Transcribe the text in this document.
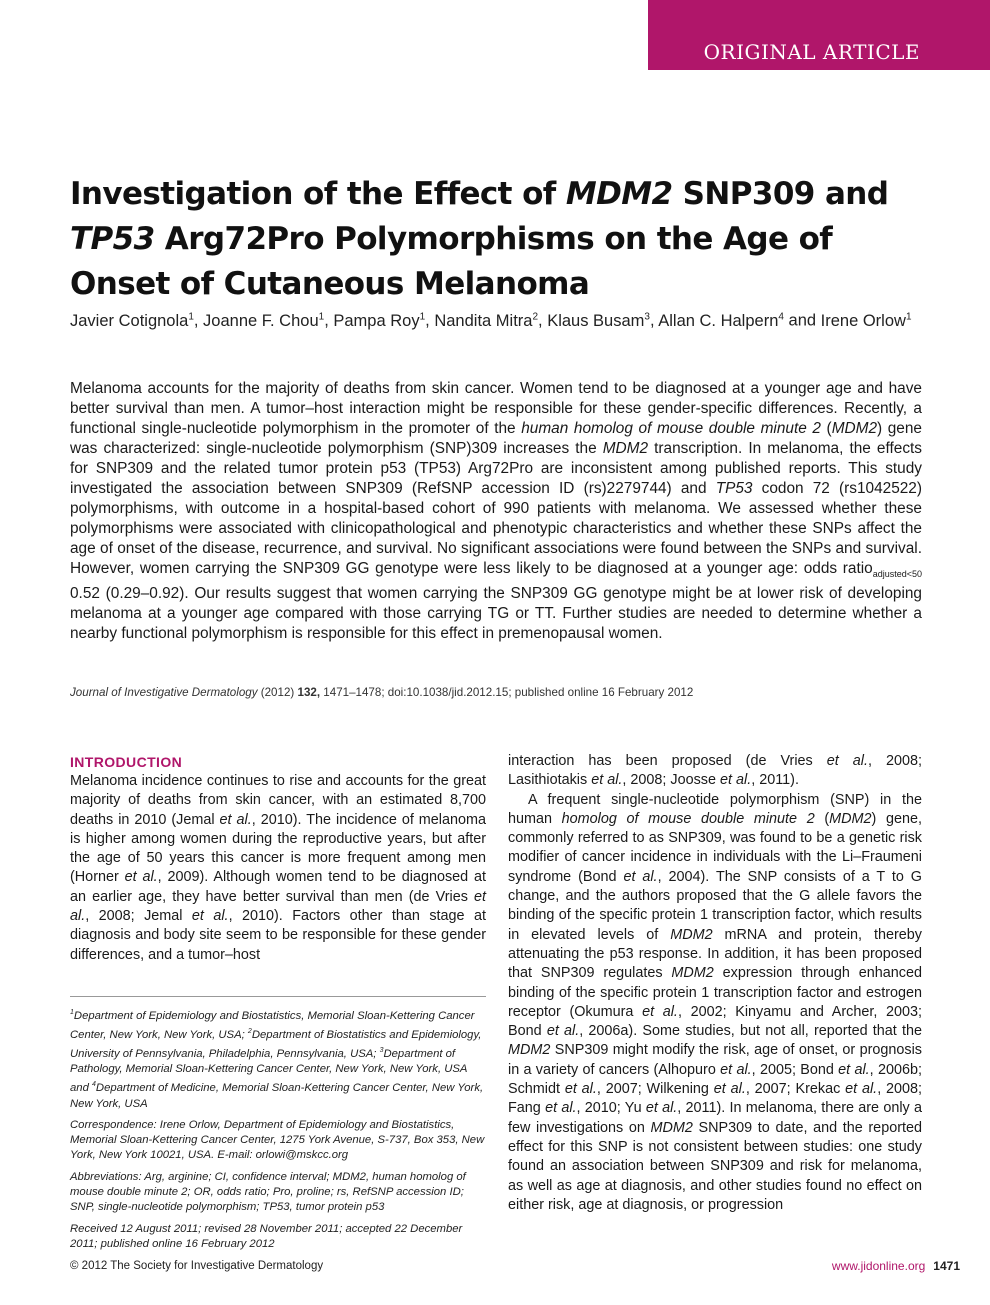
ORIGINAL ARTICLE
Investigation of the Effect of MDM2 SNP309 and TP53 Arg72Pro Polymorphisms on the Age of Onset of Cutaneous Melanoma
Javier Cotignola$^1$, Joanne F. Chou$^1$, Pampa Roy$^1$, Nandita Mitra$^2$, Klaus Busam$^3$, Allan C. Halpern$^4$ and Irene Orlow$^1$

Melanoma accounts for the majority of deaths from skin cancer. Women tend to be diagnosed at a younger age and have better survival than men. A tumor–host interaction might be responsible for these gender-specific differences. Recently, a functional single-nucleotide polymorphism in the promoter of the human homolog of mouse double minute 2 (MDM2) gene was characterized: single-nucleotide polymorphism (SNP)309 increases the MDM2 transcription. In melanoma, the effects for SNP309 and the related tumor protein p53 (TP53) Arg72Pro are inconsistent among published reports. This study investigated the association between SNP309 (RefSNP accession ID (rs)2279744) and TP53 codon 72 (rs1042522) polymorphisms, with outcome in a hospital-based cohort of 990 patients with melanoma. We assessed whether these polymorphisms were associated with clinicopathological and phenotypic characteristics and whether these SNPs affect the age of onset of the disease, recurrence, and survival. No significant associations were found between the SNPs and survival. However, women carrying the SNP309 GG genotype were less likely to be diagnosed at a younger age: odds ratio$_{adjusted<50}$ 0.52 (0.29–0.92). Our results suggest that women carrying the SNP309 GG genotype might be at lower risk of developing melanoma at a younger age compared with those carrying TG or TT. Further studies are needed to determine whether a nearby functional polymorphism is responsible for this effect in premenopausal women.

Journal of Investigative Dermatology (2012) 132, 1471–1478; doi:10.1038/jid.2012.15; published online 16 February 2012

INTRODUCTION

Melanoma incidence continues to rise and accounts for the great majority of deaths from skin cancer, with an estimated 8,700 deaths in 2010 (Jemal et al., 2010). The incidence of melanoma is higher among women during the reproductive years, but after the age of 50 years this cancer is more frequent among men (Horner et al., 2009). Although women tend to be diagnosed at an earlier age, they have better survival than men (de Vries et al., 2008; Jemal et al., 2010). Factors other than stage at diagnosis and body site seem to be responsible for these gender differences, and a tumor–host

$^1$Department of Epidemiology and Biostatistics, Memorial Sloan-Kettering Cancer Center, New York, New York, USA; $^2$Department of Biostatistics and Epidemiology, University of Pennsylvania, Philadelphia, Pennsylvania, USA; $^3$Department of Pathology, Memorial Sloan-Kettering Cancer Center, New York, New York, USA and $^4$Department of Medicine, Memorial Sloan-Kettering Cancer Center, New York, New York, USA

Correspondence: Irene Orlow, Department of Epidemiology and Biostatistics, Memorial Sloan-Kettering Cancer Center, 1275 York Avenue, S-737, Box 353, New York, New York 10021, USA. E-mail: orlowi@mskcc.org

Abbreviations: Arg, arginine; CI, confidence interval; MDM2, human homolog of mouse double minute 2; OR, odds ratio; Pro, proline; rs, RefSNP accession ID; SNP, single-nucleotide polymorphism; TP53, tumor protein p53

Received 12 August 2011; revised 28 November 2011; accepted 22 December 2011; published online 16 February 2012

interaction has been proposed (de Vries et al., 2008; Lasithiotakis et al., 2008; Joosse et al., 2011).

A frequent single-nucleotide polymorphism (SNP) in the human homolog of mouse double minute 2 (MDM2) gene, commonly referred to as SNP309, was found to be a genetic risk modifier of cancer incidence in individuals with the Li–Fraumeni syndrome (Bond et al., 2004). The SNP consists of a T to G change, and the authors proposed that the G allele favors the binding of the specific protein 1 transcription factor, which results in elevated levels of MDM2 mRNA and protein, thereby attenuating the p53 response. In addition, it has been proposed that SNP309 regulates MDM2 expression through enhanced binding of the specific protein 1 transcription factor and estrogen receptor (Okumura et al., 2002; Kinyamu and Archer, 2003; Bond et al., 2006a). Some studies, but not all, reported that the MDM2 SNP309 might modify the risk, age of onset, or prognosis in a variety of cancers (Alhopuro et al., 2005; Bond et al., 2006b; Schmidt et al., 2007; Wilkening et al., 2007; Krekac et al., 2008; Fang et al., 2010; Yu et al., 2011). In melanoma, there are only a few investigations on MDM2 SNP309 to date, and the reported effect for this SNP is not consistent between studies: one study found an association between SNP309 and risk for melanoma, as well as age at diagnosis, and other studies found no effect on either risk, age at diagnosis, or progression

© 2012 The Society for Investigative Dermatology	www.jidonline.org 1471
